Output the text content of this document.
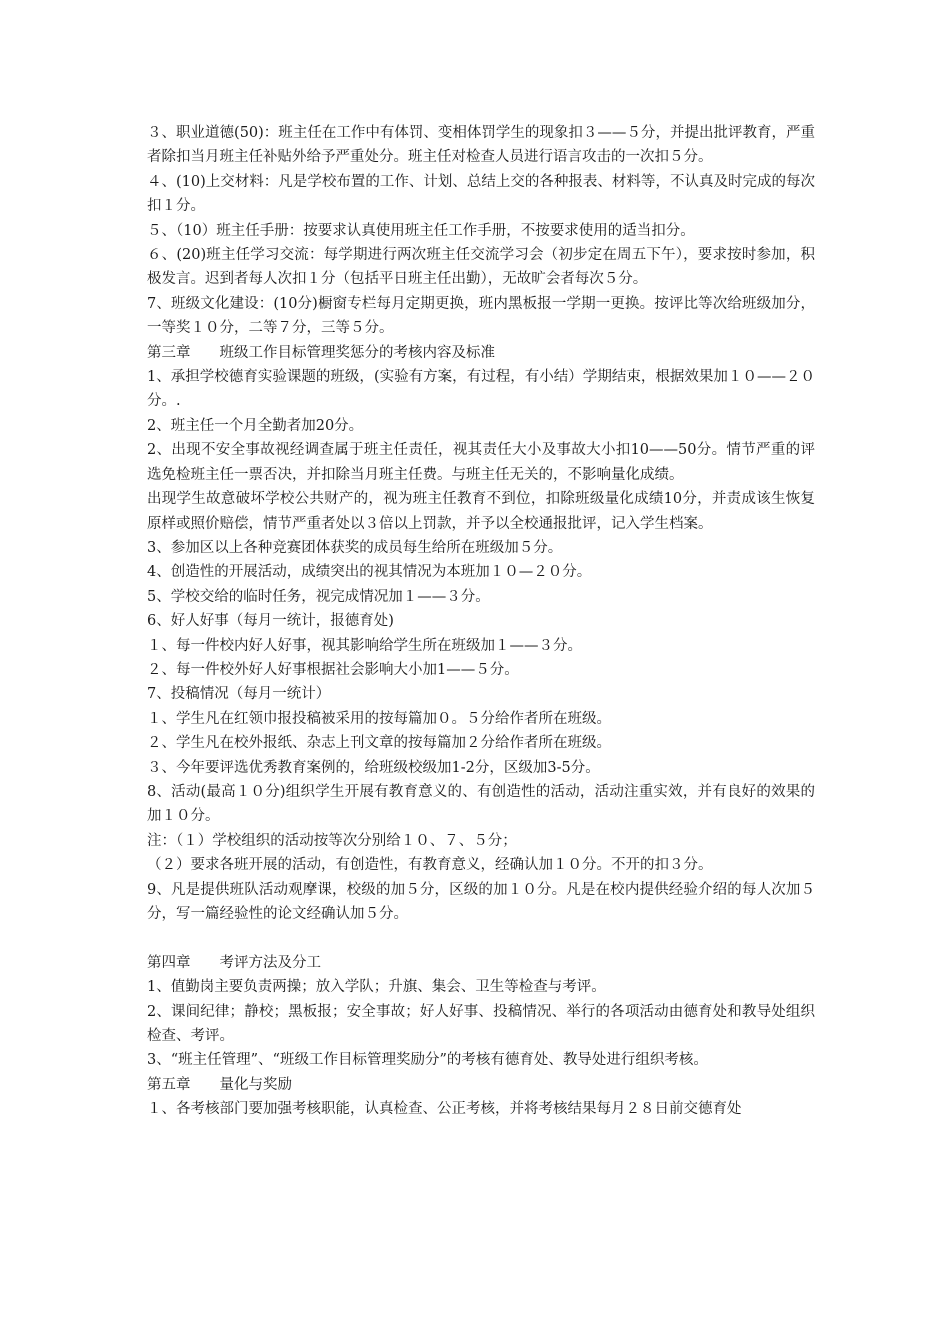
３、职业道德(50)：班主任在工作中有体罚、变相体罚学生的现象扣３——５分，并提出批评教育，严重者除扣当月班主任补贴外给予严重处分。班主任对检查人员进行语言攻击的一次扣５分。

４、(10)上交材料：凡是学校布置的工作、计划、总结上交的各种报表、材料等，不认真及时完成的每次扣１分。

５、（10）班主任手册：按要求认真使用班主任工作手册，不按要求使用的适当扣分。

６、(20)班主任学习交流：每学期进行两次班主任交流学习会（初步定在周五下午），要求按时参加，积极发言。迟到者每人次扣１分（包括平日班主任出勤），无故旷会者每次５分。

7、班级文化建设：(10分)橱窗专栏每月定期更换，班内黑板报一学期一更换。按评比等次给班级加分，一等奖１０分，二等７分，三等５分。

第三章　　班级工作目标管理奖惩分的考核内容及标准

1、承担学校德育实验课题的班级，(实验有方案，有过程，有小结）学期结束，根据效果加１０——２０分。.

2、班主任一个月全勤者加20分。

2、出现不安全事故视经调查属于班主任责任，视其责任大小及事故大小扣10——50分。情节严重的评选免检班主任一票否决，并扣除当月班主任费。与班主任无关的，不影响量化成绩。

出现学生故意破坏学校公共财产的，视为班主任教育不到位，扣除班级量化成绩10分，并责成该生恢复原样或照价赔偿，情节严重者处以３倍以上罚款，并予以全校通报批评，记入学生档案。

3、参加区以上各种竞赛团体获奖的成员每生给所在班级加５分。

4、创造性的开展活动，成绩突出的视其情况为本班加１０—２０分。

5、学校交给的临时任务，视完成情况加１——３分。

6、好人好事（每月一统计，报德育处)

１、每一件校内好人好事，视其影响给学生所在班级加１——３分。

２、每一件校外好人好事根据社会影响大小加1——５分。

7、投稿情况（每月一统计）

１、学生凡在红领巾报投稿被采用的按每篇加０。５分给作者所在班级。

２、学生凡在校外报纸、杂志上刊文章的按每篇加２分给作者所在班级。

３、今年要评选优秀教育案例的，给班级校级加1-2分，区级加3-5分。

8、活动(最高１０分)组织学生开展有教育意义的、有创造性的活动，活动注重实效，并有良好的效果的加１０分。

注：（１）学校组织的活动按等次分别给１０、７、５分；

（２）要求各班开展的活动，有创造性，有教育意义，经确认加１０分。不开的扣３分。

9、凡是提供班队活动观摩课，校级的加５分，区级的加１０分。凡是在校内提供经验介绍的每人次加５分，写一篇经验性的论文经确认加５分。

第四章　　考评方法及分工

1、值勤岗主要负责两操；放入学队；升旗、集会、卫生等检查与考评。

2、课间纪律；静校；黑板报；安全事故；好人好事、投稿情况、举行的各项活动由德育处和教导处组织检查、考评。

3、“班主任管理”、“班级工作目标管理奖励分”的考核有德育处、教导处进行组织考核。

第五章　　量化与奖励

１、各考核部门要加强考核职能，认真检查、公正考核，并将考核结果每月２８日前交德育处
